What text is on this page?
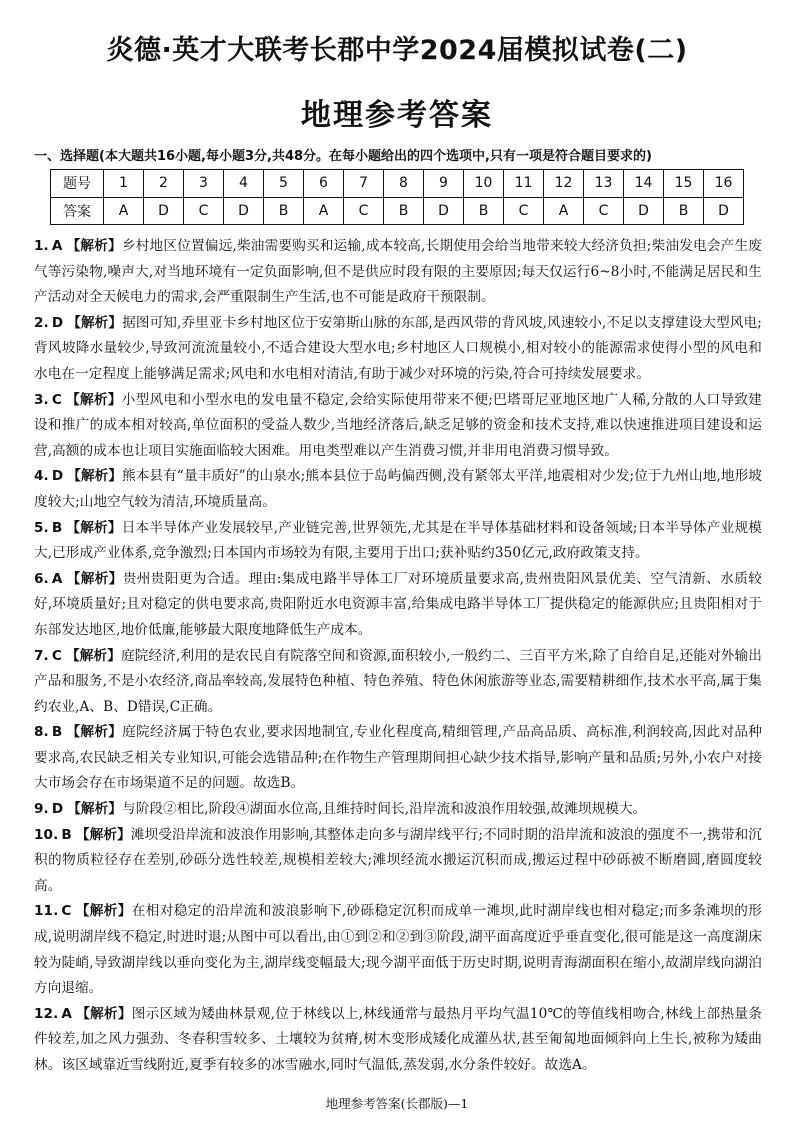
炎德·英才大联考长郡中学2024届模拟试卷(二)
地理参考答案
一、选择题(本大题共16小题,每小题3分,共48分。在每小题给出的四个选项中,只有一项是符合题目要求的)
题号	1	2	3	4	5	6	7	8	9	10	11	12	13	14	15	16
答案	A	D	C	D	B	A	C	B	D	B	C	A	C	D	B	D

1. A 【解析】乡村地区位置偏远,柴油需要购买和运输,成本较高,长期使用会给当地带来较大经济负担;柴油发电会产生废气等污染物,噪声大,对当地环境有一定负面影响,但不是供应时段有限的主要原因;每天仅运行6~8小时,不能满足居民和生产活动对全天候电力的需求,会严重限制生产生活,也不可能是政府干预限制。

2. D 【解析】据图可知,乔里亚卡乡村地区位于安第斯山脉的东部,是西风带的背风坡,风速较小,不足以支撑建设大型风电;背风坡降水量较少,导致河流流量较小,不适合建设大型水电;乡村地区人口规模小,相对较小的能源需求使得小型的风电和水电在一定程度上能够满足需求;风电和水电相对清洁,有助于减少对环境的污染,符合可持续发展要求。

3. C 【解析】小型风电和小型水电的发电量不稳定,会给实际使用带来不便;巴塔哥尼亚地区地广人稀,分散的人口导致建设和推广的成本相对较高,单位面积的受益人数少,当地经济落后,缺乏足够的资金和技术支持,难以快速推进项目建设和运营,高额的成本也让项目实施面临较大困难。用电类型难以产生消费习惯,并非用电消费习惯导致。

4. D 【解析】熊本县有“量丰质好”的山泉水;熊本县位于岛屿偏西侧,没有紧邻太平洋,地震相对少发;位于九州山地,地形坡度较大;山地空气较为清洁,环境质量高。

5. B 【解析】日本半导体产业发展较早,产业链完善,世界领先,尤其是在半导体基础材料和设备领域;日本半导体产业规模大,已形成产业体系,竞争激烈;日本国内市场较为有限,主要用于出口;获补贴约350亿元,政府政策支持。

6. A 【解析】贵州贵阳更为合适。理由:集成电路半导体工厂对环境质量要求高,贵州贵阳风景优美、空气清新、水质较好,环境质量好;且对稳定的供电要求高,贵阳附近水电资源丰富,给集成电路半导体工厂提供稳定的能源供应;且贵阳相对于东部发达地区,地价低廉,能够最大限度地降低生产成本。

7. C 【解析】庭院经济,利用的是农民自有院落空间和资源,面积较小,一般约二、三百平方米,除了自给自足,还能对外输出产品和服务,不是小农经济,商品率较高,发展特色种植、特色养殖、特色休闲旅游等业态,需要精耕细作,技术水平高,属于集约农业,A、B、D错误,C正确。

8. B 【解析】庭院经济属于特色农业,要求因地制宜,专业化程度高,精细管理,产品高品质、高标准,利润较高,因此对品种要求高,农民缺乏相关专业知识,可能会选错品种;在作物生产管理期间担心缺少技术指导,影响产量和品质;另外,小农户对接大市场会存在市场渠道不足的问题。故选B。

9. D 【解析】与阶段②相比,阶段④湖面水位高,且维持时间长,沿岸流和波浪作用较强,故滩坝规模大。

10. B 【解析】滩坝受沿岸流和波浪作用影响,其整体走向多与湖岸线平行;不同时期的沿岸流和波浪的强度不一,携带和沉积的物质粒径存在差别,砂砾分选性较差,规模相差较大;滩坝经流水搬运沉积而成,搬运过程中砂砾被不断磨圆,磨圆度较高。

11. C 【解析】在相对稳定的沿岸流和波浪影响下,砂砾稳定沉积而成单一滩坝,此时湖岸线也相对稳定;而多条滩坝的形成,说明湖岸线不稳定,时进时退;从图中可以看出,由①到②和②到③阶段,湖平面高度近乎垂直变化,很可能是这一高度湖床较为陡峭,导致湖岸线以垂向变化为主,湖岸线变幅最大;现今湖平面低于历史时期,说明青海湖面积在缩小,故湖岸线向湖泊方向退缩。

12. A 【解析】图示区域为矮曲林景观,位于林线以上,林线通常与最热月平均气温10℃的等值线相吻合,林线上部热量条件较差,加之风力强劲、冬春积雪较多、土壤较为贫瘠,树木变形成矮化成灌丛状,甚至匍匐地面倾斜向上生长,被称为矮曲林。该区域靠近雪线附近,夏季有较多的冰雪融水,同时气温低,蒸发弱,水分条件较好。故选A。

地理参考答案(长郡版)—1
